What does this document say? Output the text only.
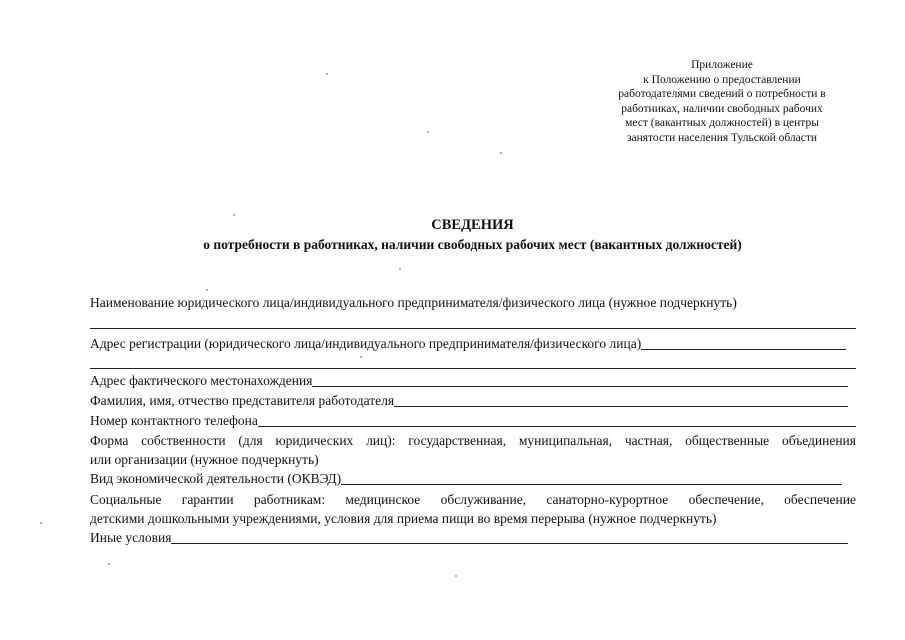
Приложение
к Положению о предоставлении
работодателями сведений о потребности в
работниках, наличии свободных рабочих
мест (вакантных должностей) в центры
занятости населения Тульской области
СВЕДЕНИЯ
о потребности в работниках, наличии свободных рабочих мест (вакантных должностей)
Наименование юридического лица/индивидуального предпринимателя/физического лица (нужное подчеркнуть)
Адрес регистрации (юридического лица/индивидуального предпринимателя/физического лица)
Адрес фактического местонахождения
Фамилия, имя, отчество представителя работодателя
Номер контактного телефона
Форма собственности (для юридических лиц): государственная, муниципальная, частная, общественные объединения
или организации (нужное подчеркнуть)
Вид экономической деятельности (ОКВЭД)
Социальные гарантии работникам: медицинское обслуживание, санаторно-курортное обеспечение, обеспечение
детскими дошкольными учреждениями, условия для приема пищи во время перерыва (нужное подчеркнуть)
Иные условия
